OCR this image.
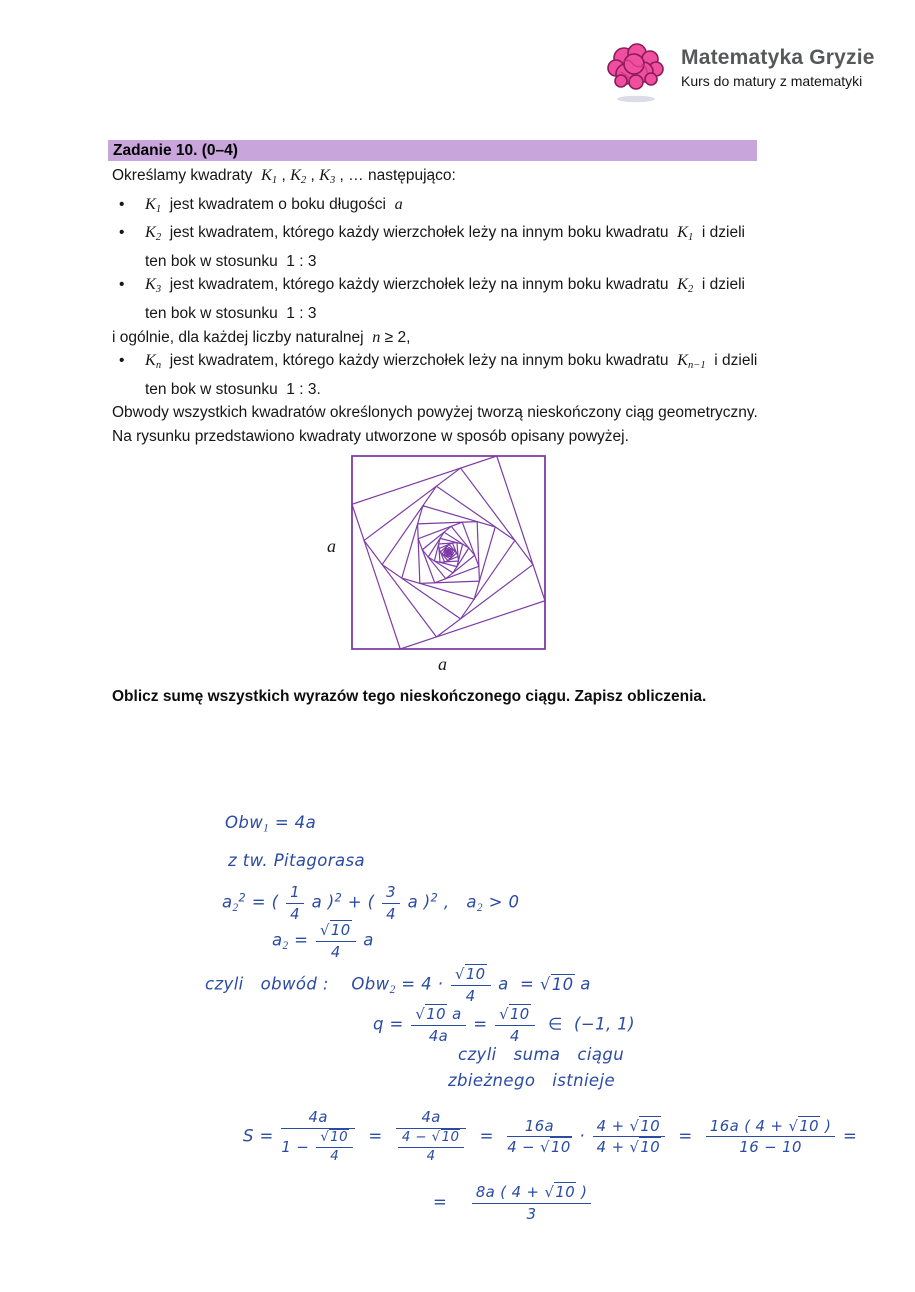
Matematyka Gryzie
Kurs do matury z matematyki
Zadanie 10. (0–4)
Określamy kwadraty  $K_1$ , $K_2$ , $K_3$ , … następująco:
• $K_1$  jest kwadratem o boku długości  a
• $K_2$  jest kwadratem, którego każdy wierzchołek leży na innym boku kwadratu  $K_1$  i dzieli ten bok w stosunku  1 : 3
• $K_3$  jest kwadratem, którego każdy wierzchołek leży na innym boku kwadratu  $K_2$  i dzieli ten bok w stosunku  1 : 3
i ogólnie, dla każdej liczby naturalnej  n ≥ 2,
• $K_n$  jest kwadratem, którego każdy wierzchołek leży na innym boku kwadratu  $K_{n-1}$  i dzieli ten bok w stosunku  1 : 3.
Obwody wszystkich kwadratów określonych powyżej tworzą nieskończony ciąg geometryczny.
Na rysunku przedstawiono kwadraty utworzone w sposób opisany powyżej.
a
a
Oblicz sumę wszystkich wyrazów tego nieskończonego ciągu. Zapisz obliczenia.
Obw$_1$ = 4a
z tw. Pitagorasa
$a_2^2$ = ( $\frac{1}{4}$ a )$^2$ + ( $\frac{3}{4}$ a )$^2$ ,   $a_2 > 0$
$a_2 = \frac{√10}{4}$ a
czyli   obwód :    $Obw_2 = 4 \cdot \frac{√10}{4}$ a  = √10 a
$q = \frac{√10 a}{4a} = \frac{√10}{4}$ ∈  (−1, 1)
czyli   suma   ciągu
zbieżnego   istnieje
$S = \frac{4a}{1 - \frac{√10}{4}} = \frac{4a}{\frac{4 - √10}{4}} = \frac{16a}{4 - √10} \cdot \frac{4 + √10}{4 + √10} = \frac{16a ( 4 + √10 )}{16 - 10}$ =
= $\frac{8a ( 4 + √10 )}{3}$
